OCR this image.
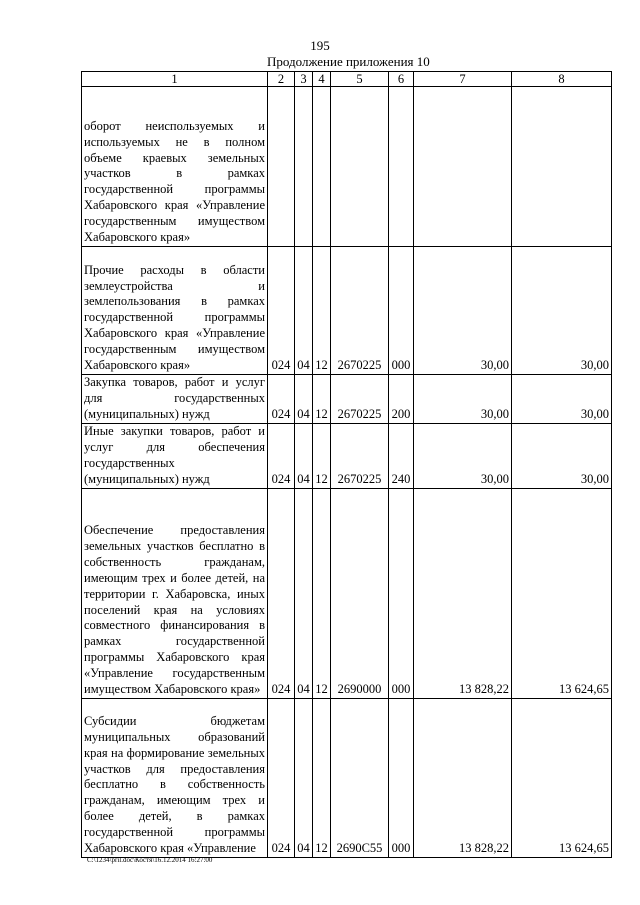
195
Продолжение приложения 10
1	2	3	4	5	6	7	8
оборот неиспользуемых и используемых не в полном объеме краевых земельных участков в рамках государственной программы Хабаровского края «Управление государственным имуществом Хабаровского края»							
Прочие расходы в области землеустройства и землепользования в рамках государственной программы Хабаровского края «Управление государственным имуществом Хабаровского края»	024	04	12	2670225	000	30,00	30,00
Закупка товаров, работ и услуг для государственных (муниципальных) нужд	024	04	12	2670225	200	30,00	30,00
Иные закупки товаров, работ и услуг для обеспечения государственных (муниципальных) нужд	024	04	12	2670225	240	30,00	30,00
Обеспечение предоставления земельных участков бесплатно в собственность гражданам, имеющим трех и более детей, на территории г. Хабаровска, иных поселений края на условиях совместного финансирования в рамках государственной программы Хабаровского края «Управление государственным имуществом Хабаровского края»	024	04	12	2690000	000	13 828,22	13 624,65
Субсидии бюджетам муниципальных образований края на формирование земельных участков для предоставления бесплатно в собственность гражданам, имеющим трех и более детей, в рамках государственной программы Хабаровского края «Управление	024	04	12	2690С55	000	13 828,22	13 624,65
C:\1234\pril.doc\Костя\16.12.2014 16:27:00
